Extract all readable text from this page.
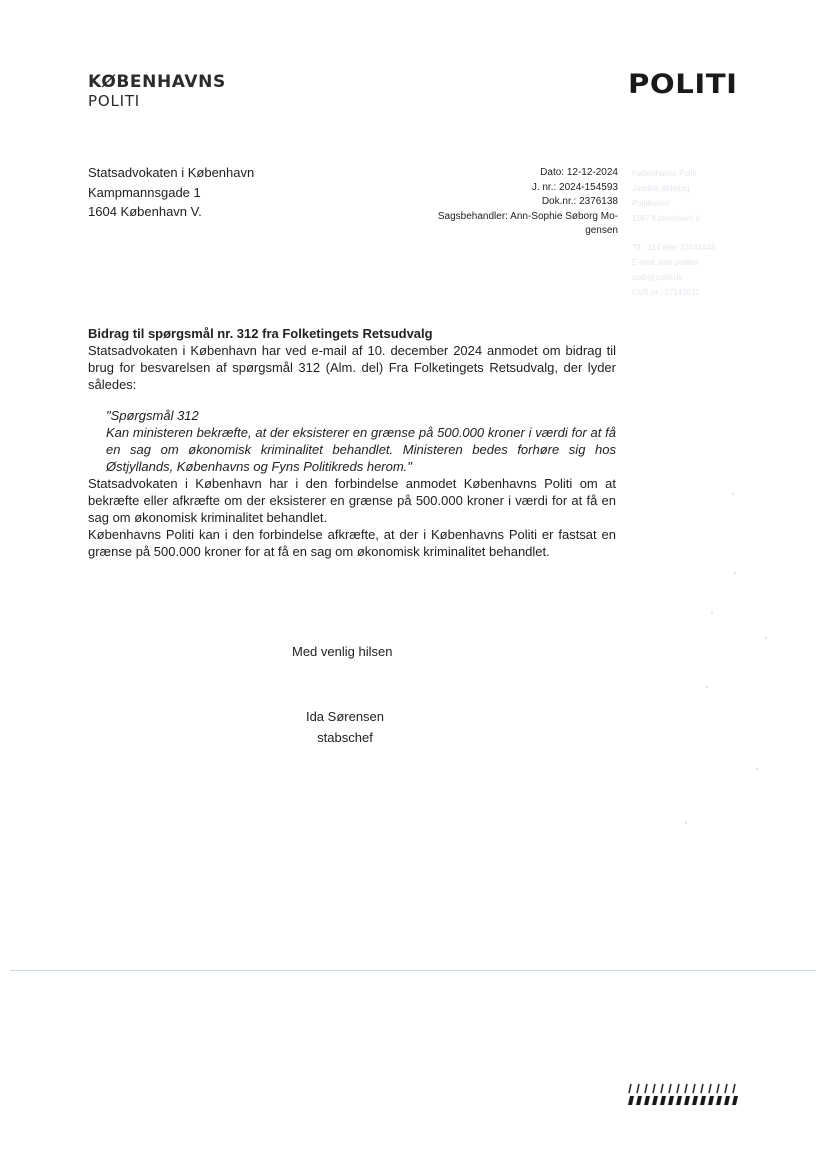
KØBENHAVNS
POLITI
POLITI
Statsadvokaten i København
Kampmannsgade 1
1604 København V.
Dato: 12-12-2024
J. nr.: 2024-154593
Dok.nr.: 2376138
Sagsbehandler: Ann-Sophie Søborg Mo-
gensen
Københavns Politi
Juridisk afdeling
Polititorvet
1567 København V
Tlf.: 114 eller 33141448
E-mail: kbh-politiet-
stab@politi.dk
CVR.nr.: 17143511
Bidrag til spørgsmål nr. 312 fra Folketingets Retsudvalg

Statsadvokaten i København har ved e-mail af 10. december 2024 anmodet om bidrag til brug for besvarelsen af spørgsmål 312 (Alm. del) Fra Folketingets Retsudvalg, der lyder således:

"Spørgsmål 312

Kan ministeren bekræfte, at der eksisterer en grænse på 500.000 kroner i værdi for at få en sag om økonomisk kriminalitet behandlet. Ministeren bedes forhøre sig hos Østjyllands, Københavns og Fyns Politikreds herom."

Statsadvokaten i København har i den forbindelse anmodet Københavns Politi om at bekræfte eller afkræfte om der eksisterer en grænse på 500.000 kroner i værdi for at få en sag om økonomisk kriminalitet behandlet.

Københavns Politi kan i den forbindelse afkræfte, at der i Københavns Politi er fastsat en grænse på 500.000 kroner for at få en sag om økonomisk kriminalitet behandlet.

Med venlig hilsen
Ida Sørensen
stabschef
